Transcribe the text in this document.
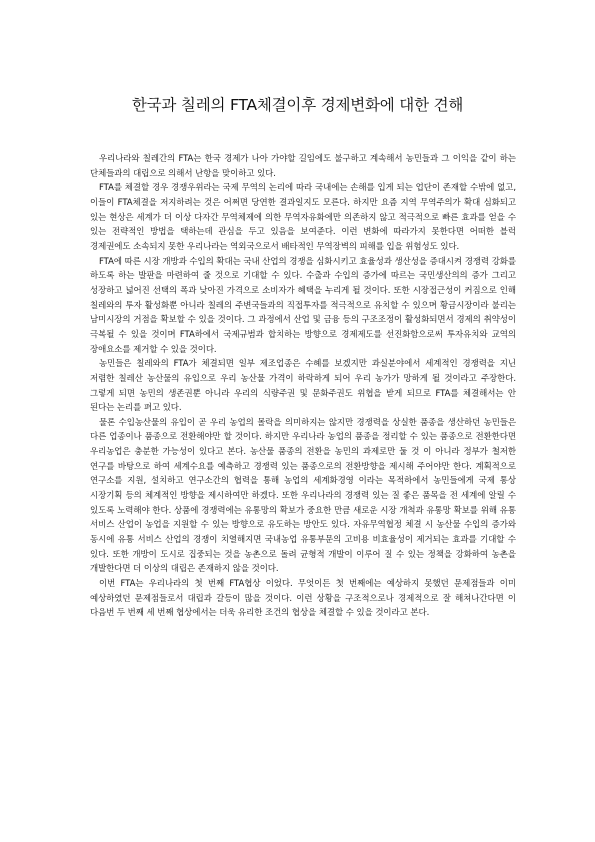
한국과 칠레의 FTA체결이후 경제변화에 대한 견해

우리나라와 칠레간의 FTA는 한국 경제가 나아 가야할 길임에도 불구하고 계속해서 농민들과 그 이익을 같이 하는 단체들과의 대립으로 의해서 난항을 맞이하고 있다.

FTA를 체결할 경우 경쟁우위라는 국제 무역의 논리에 따라 국내에는 손해를 입게 되는 업단이 존재할 수밖에 없고, 이들이 FTA체결을 저지하려는 것은 어쩌면 당연한 결과일지도 모른다. 하지만 요즘 지역 무역주의가 확대 심화되고 있는 현상은 세계가 더 이상 다자간 무역체제에 의한 무역자유화에만 의존하지 않고 적극적으로 빠른 효과를 얻을 수 있는 전략적인 방법을 택하는데 관심을 두고 있음을 보여준다. 이런 변화에 따라가지 못한다면 어떠한 블럭 경제권에도 소속되지 못한 우리나라는 역외국으로서 배타적인 무역장벽의 피해를 입을 위험성도 있다.

FTA에 따른 시장 개방과 수입의 확대는 국내 산업의 경쟁을 심화시키고 효율성과 생산성을 증대시켜 경쟁력 강화를 하도록 하는 발판을 마련하여 줄 것으로 기대할 수 있다. 수출과 수입의 증가에 따르는 국민생산의의 증가 그리고 성장하고 넓어진 선택의 폭과 낮아진 가격으로 소비자가 혜택을 누리게 될 것이다. 또한 시장접근성이 커짐으로 인해 칠레와의 투자 활성화뿐 아니라 칠레의 주변국들과의 직접투자를 적극적으로 유치할 수 있으며 황금시장이라 불리는 남미시장의 거점을 확보할 수 있을 것이다. 그 과정에서 산업 및 금융 등의 구조조정이 활성화되면서 경제의 취약성이 극복될 수 있을 것이며 FTA하에서 국제규범과 합치하는 방향으로 경제제도를 선진화함으로써 투자유치와 교역의 장애요소를 제거할 수 있을 것이다.

농민들은 칠레와의 FTA가 체결되면 일부 제조업종은 수혜를 보겠지만 과실분야에서 세계적인 경쟁력을 지닌 저렴한 칠레산 농산물의 유입으로 우리 농산물 가격이 하락하게 되어 우리 농가가 망하게 될 것이라고 주장한다. 그렇게 되면 농민의 생존권뿐 아니라 우리의 식량주권 및 문화주권도 위협을 받게 되므로 FTA를 체결해서는 안 된다는 논리를 펴고 있다.

물론 수입농산물의 유입이 곧 우리 농업의 몰락을 의미하지는 않지만 경쟁력을 상실한 품종을 생산하던 농민들은 다른 업종이나 품종으로 전환해야만 할 것이다. 하지만 우리나라 농업의 품종을 정리할 수 있는 품종으로 전환한다면 우리농업은 충분한 가능성이 있다고 본다. 농산물 품종의 전환을 농민의 과제로만 둘 것 이 아니라 정부가 철저한 연구를 바탕으로 하여 세계수요를 예측하고 경쟁력 있는 품종으로의 전환방향을 제시해 주어야만 한다. 계획적으로 연구소를 지원, 설치하고 연구소간의 협력을 통해 농업의 세계화경영 이라는 목적하에서 농민들에게 국제 통상 시장기획 등의 체계적인 방향을 제시하여만 하겠다. 또한 우리나라의 경쟁력 있는 질 좋은 품목을 전 세계에 알릴 수 있도록 노력해야 한다. 상품에 경쟁력에는 유통망의 확보가 중요한 만큼 새로운 시장 개척과 유통망 확보를 위해 유통 서비스 산업이 농업을 지원할 수 있는 방향으로 유도하는 방안도 있다. 자유무역협정 체결 시 농산물 수입의 증가와 동시에 유통 서비스 산업의 경쟁이 치열해지면 국내농업 유통부문의 고비용 비효율성이 제거되는 효과를 기대할 수 있다. 또한 개방이 도시로 집중되는 것을 농촌으로 돌려 균형적 개발이 이루어 질 수 있는 정책을 강화하여 농촌을 개발한다면 더 이상의 대립은 존재하지 않을 것이다.

이번 FTA는 우리나라의 첫 번째 FTA협상 이었다. 무엇이든 첫 번째에는 예상하지 못했던 문제점들과 이미 예상하였던 문제점들로서 대립과 갈등이 많을 것이다. 이런 상황을 구조적으로나 경제적으로 잘 해쳐나간다면 이 다음번 두 번째 세 번째 협상에서는 더욱 유리한 조건의 협상을 체결할 수 있을 것이라고 본다.
